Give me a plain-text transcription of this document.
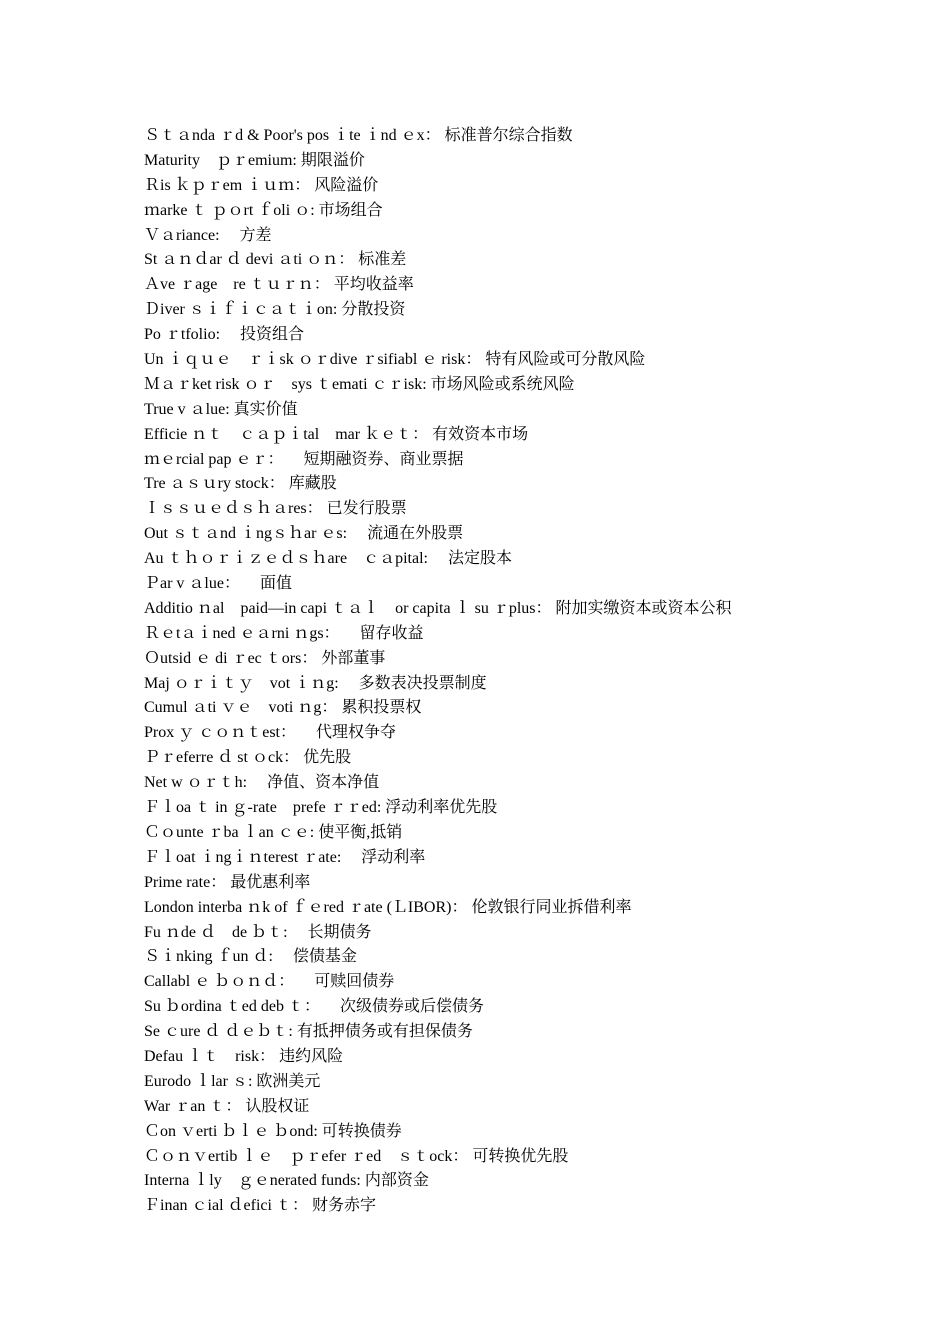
Ｓｔａnda ｒd & Poor's pos ｉte ｉnd ｅx： 标准普尔综合指数
Maturity　ｐｒemium: 期限溢价
Ｒis ｋｐｒem ｉｕｍ： 风险溢价
ｍarke ｔ ｐｏrt ｆoli ｏ: 市场组合
Ｖａriance: 　方差
St ａｎｄar ｄ devi ａti ｏｎ： 标准差
Ａve ｒage　re ｔｕｒｎ： 平均收益率
Ｄiver ｓｉｆｉｃａｔｉon: 分散投资
Po ｒtfolio: 　投资组合
Un ｉｑｕｅ　ｒｉsk ｏｒdive ｒsifiabl ｅ risk： 特有风险或可分散风险
Ｍａｒket risk ｏｒ　sys ｔemati ｃｒisk: 市场风险或系统风险
True v ａlue: 真实价值
Efficie ｎｔ　ｃａｐｉtal　mar ｋｅｔ： 有效资本市场
ｍｅrcial pap ｅｒ： 　短期融资券、商业票据
Tre ａｓｕry stock： 库藏股
Ｉｓｓｕｅｄｓｈａres： 已发行股票
Out ｓｔａnd ｉngｓｈar ｅs: 　流通在外股票
Au ｔｈｏｒｉｚｅｄｓｈare　ｃａpital: 　法定股本
Ｐar v ａlue： 　面值
Additio ｎal　paid—in capi ｔａｌ　or capita ｌ su ｒplus： 附加实缴资本或资本公积
Ｒｅtａｉned ｅａrni ｎgs： 　留存收益
Ｏutsid ｅ di ｒec ｔors： 外部董事
Maj ｏｒｉｔｙ　vot ｉｎg: 　多数表决投票制度
Cumul ａti ｖｅ　voti ｎg： 累积投票权
Prox ｙ ｃｏｎｔest： 　代理权争夺
Ｐｒeferre ｄ st ｏck： 优先股
Net w ｏｒｔh: 　净值、资本净值
Ｆｌoa ｔ in ｇ-rate　prefe ｒｒed: 浮动利率优先股
Ｃｏunte ｒba ｌan ｃｅ: 使平衡,抵销
Ｆｌoat ｉngｉｎterest ｒate: 　浮动利率
Prime rate： 最优惠利率
London interba ｎk of ｆｅred ｒate (ＬIBOR)： 伦敦银行同业拆借利率
Fu ｎde ｄ　de ｂｔ: 　长期债务
Ｓｉnking ｆun ｄ: 　偿债基金
Callabl ｅ ｂｏｎｄ： 　可赎回债券
Su ｂordina ｔed deb ｔ： 　次级债券或后偿债务
Se ｃure ｄ ｄｅｂｔ: 有抵押债务或有担保债务
Defau ｌｔ　risk： 违约风险
Eurodo ｌlar ｓ: 欧洲美元
War ｒan ｔ： 认股权证
Ｃon ｖerti ｂｌｅ ｂond: 可转换债券
Ｃｏｎｖertib ｌｅ　ｐｒefer ｒed　ｓｔock： 可转换优先股
Interna ｌly　ｇｅnerated funds: 内部资金
Ｆinan ｃial ｄefici ｔ： 财务赤字
